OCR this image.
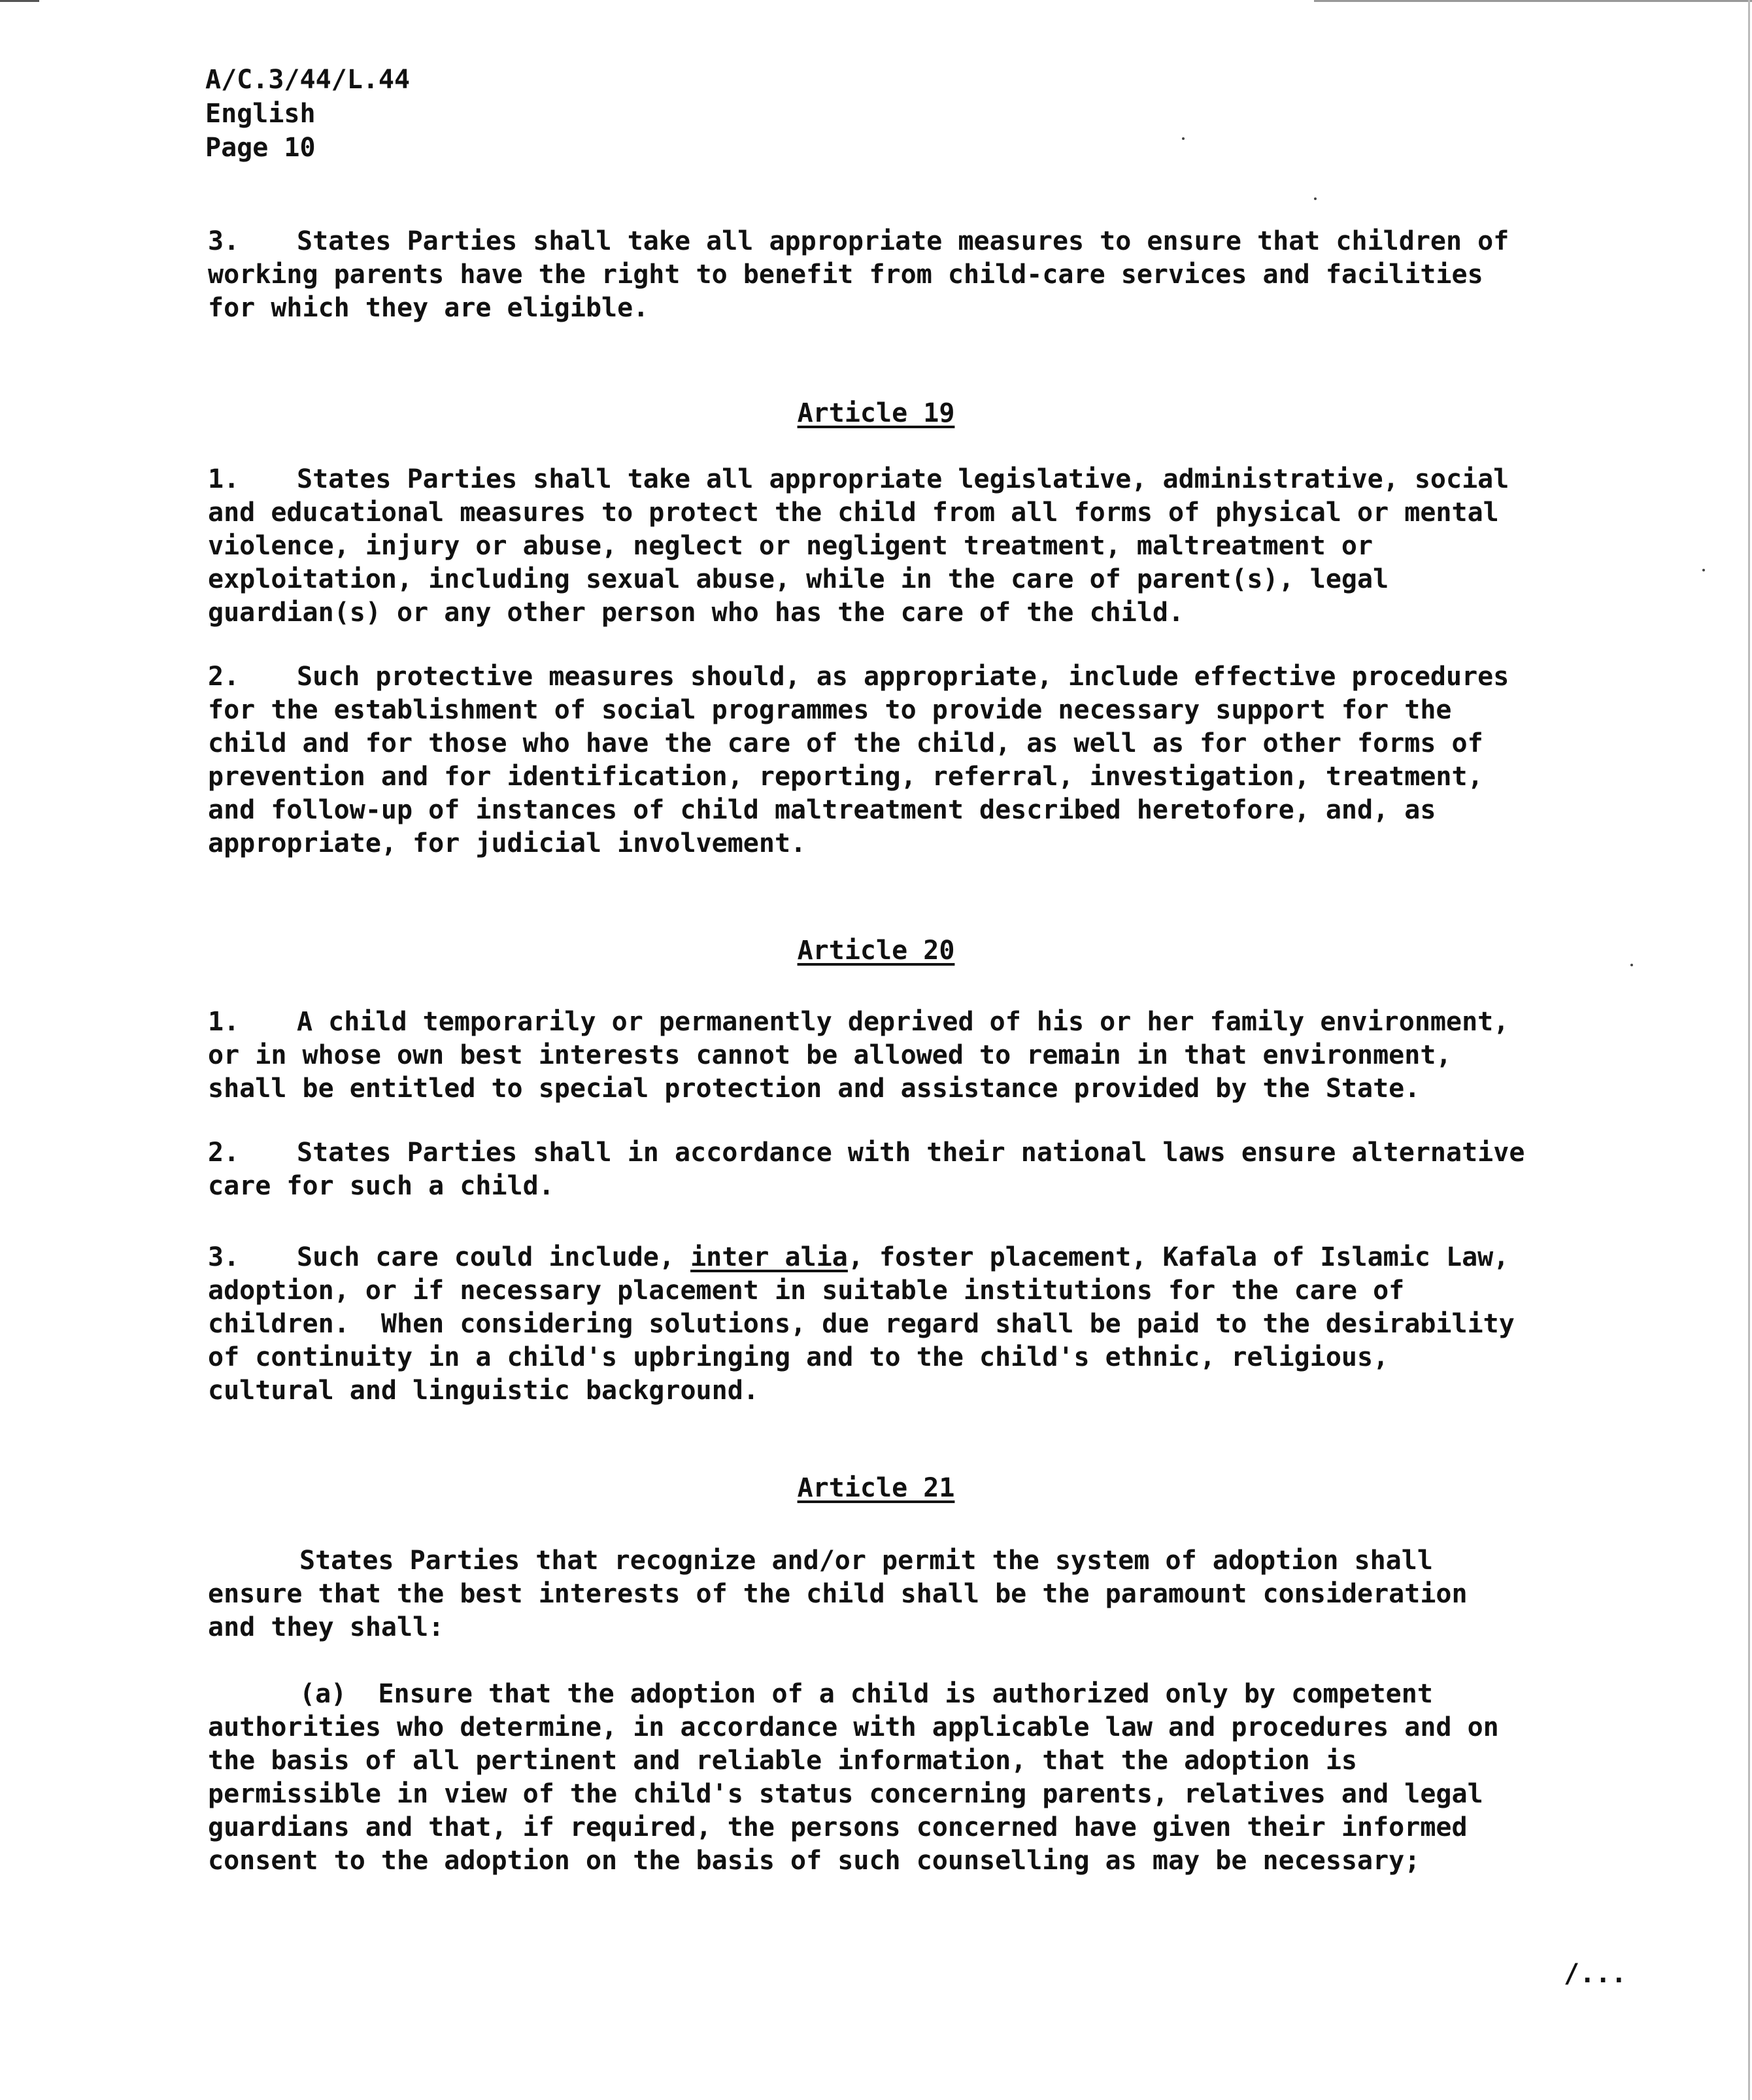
A/C.3/44/L.44
English
Page 10
3. States Parties shall take all appropriate measures to ensure that children of
working parents have the right to benefit from child-care services and facilities
for which they are eligible.
Article 19
1. States Parties shall take all appropriate legislative, administrative, social
and educational measures to protect the child from all forms of physical or mental
violence, injury or abuse, neglect or negligent treatment, maltreatment or
exploitation, including sexual abuse, while in the care of parent(s), legal
guardian(s) or any other person who has the care of the child.
2. Such protective measures should, as appropriate, include effective procedures
for the establishment of social programmes to provide necessary support for the
child and for those who have the care of the child, as well as for other forms of
prevention and for identification, reporting, referral, investigation, treatment,
and follow-up of instances of child maltreatment described heretofore, and, as
appropriate, for judicial involvement.
Article 20
1. A child temporarily or permanently deprived of his or her family environment,
or in whose own best interests cannot be allowed to remain in that environment,
shall be entitled to special protection and assistance provided by the State.
2. States Parties shall in accordance with their national laws ensure alternative
care for such a child.
3. Such care could include, inter alia, foster placement, Kafala of Islamic Law,
adoption, or if necessary placement in suitable institutions for the care of
children.  When considering solutions, due regard shall be paid to the desirability
of continuity in a child's upbringing and to the child's ethnic, religious,
cultural and linguistic background.
Article 21
States Parties that recognize and/or permit the system of adoption shall
ensure that the best interests of the child shall be the paramount consideration
and they shall:
(a) Ensure that the adoption of a child is authorized only by competent
authorities who determine, in accordance with applicable law and procedures and on
the basis of all pertinent and reliable information, that the adoption is
permissible in view of the child's status concerning parents, relatives and legal
guardians and that, if required, the persons concerned have given their informed
consent to the adoption on the basis of such counselling as may be necessary;
/...
